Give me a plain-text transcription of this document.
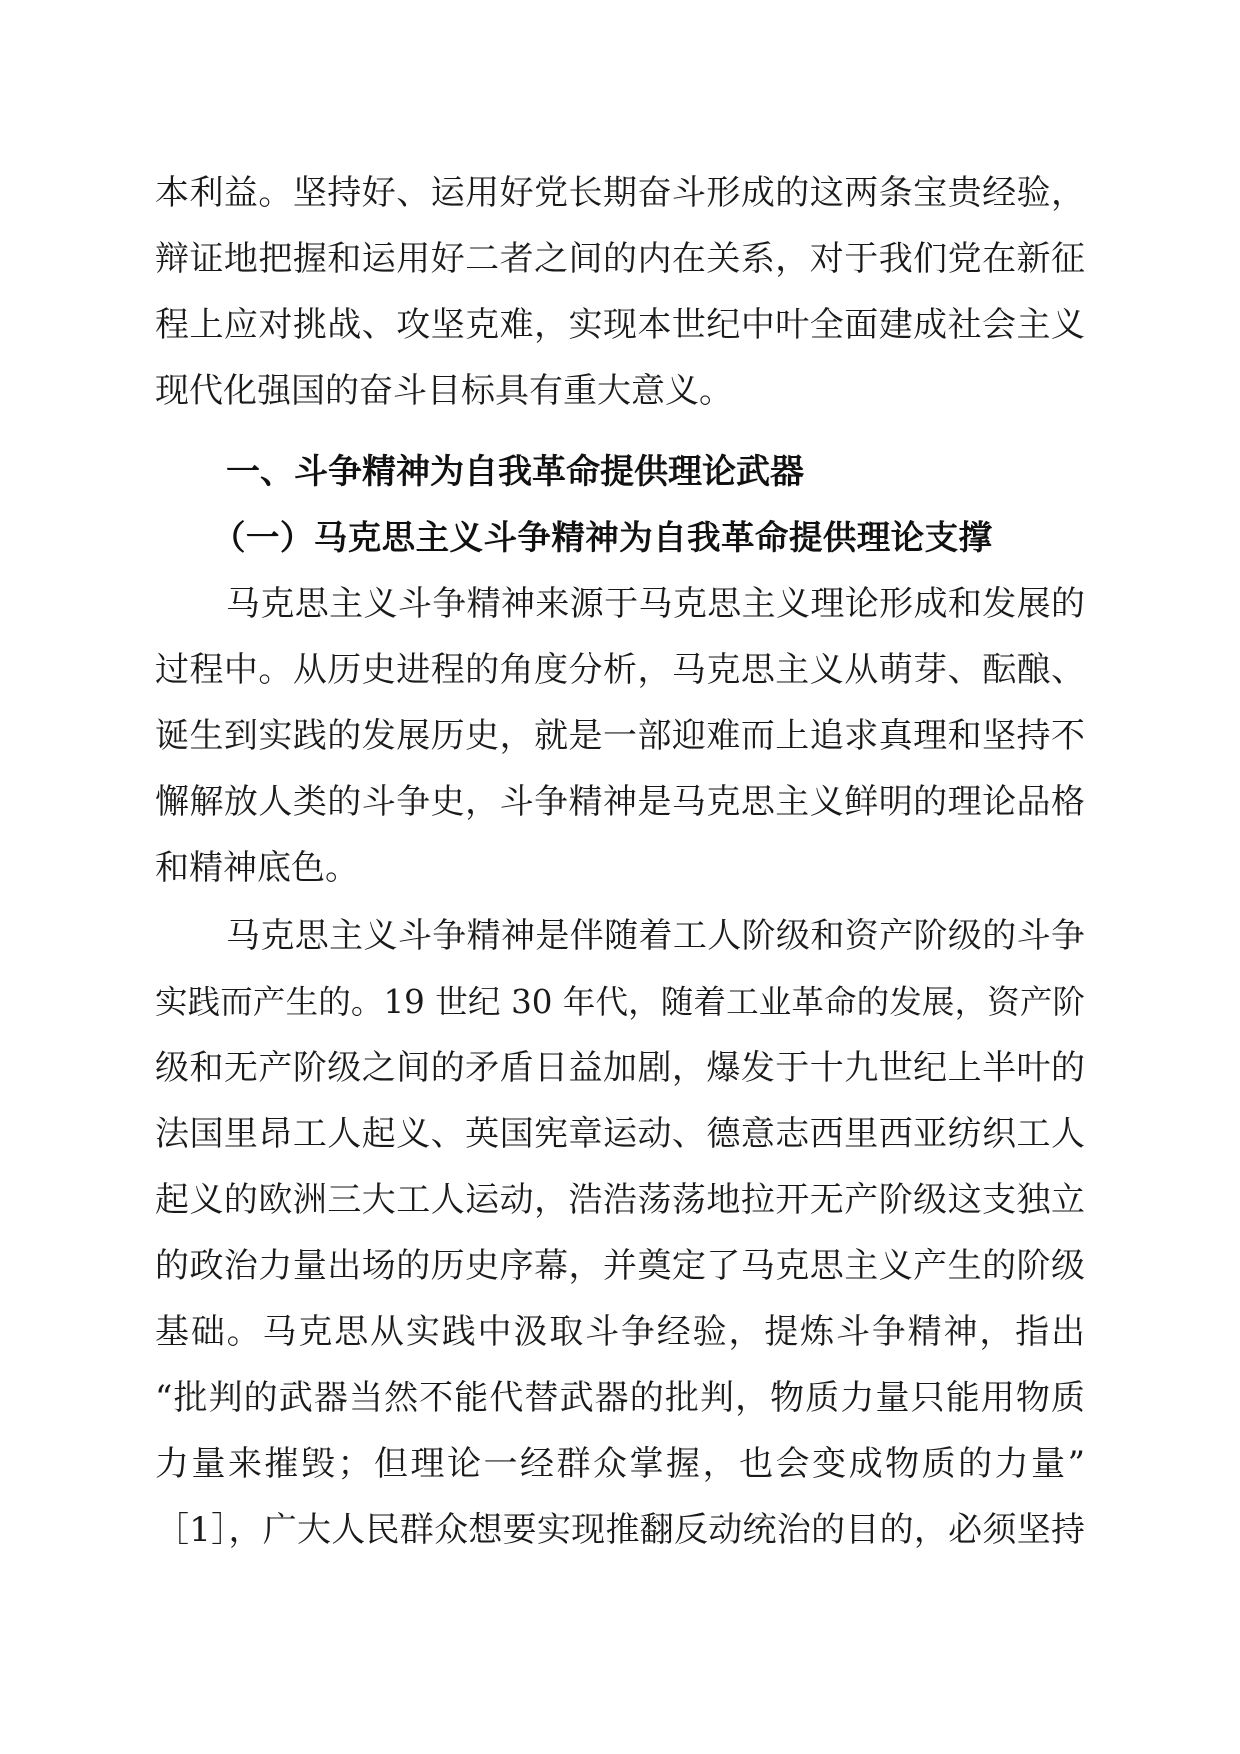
本利益。坚持好、运用好党长期奋斗形成的这两条宝贵经验，
辩证地把握和运用好二者之间的内在关系，对于我们党在新征
程上应对挑战、攻坚克难，实现本世纪中叶全面建成社会主义
现代化强国的奋斗目标具有重大意义。
一、斗争精神为自我革命提供理论武器
（一）马克思主义斗争精神为自我革命提供理论支撑
马克思主义斗争精神来源于马克思主义理论形成和发展的
过程中。从历史进程的角度分析，马克思主义从萌芽、酝酿、
诞生到实践的发展历史，就是一部迎难而上追求真理和坚持不
懈解放人类的斗争史，斗争精神是马克思主义鲜明的理论品格
和精神底色。
马克思主义斗争精神是伴随着工人阶级和资产阶级的斗争
实践而产生的。19 世纪 30 年代，随着工业革命的发展，资产阶
级和无产阶级之间的矛盾日益加剧，爆发于十九世纪上半叶的
法国里昂工人起义、英国宪章运动、德意志西里西亚纺织工人
起义的欧洲三大工人运动，浩浩荡荡地拉开无产阶级这支独立
的政治力量出场的历史序幕，并奠定了马克思主义产生的阶级
基础。马克思从实践中汲取斗争经验，提炼斗争精神，指出
“批判的武器当然不能代替武器的批判，物质力量只能用物质
力量来摧毁；但理论一经群众掌握，也会变成物质的力量”
［1］，广大人民群众想要实现推翻反动统治的目的，必须坚持
